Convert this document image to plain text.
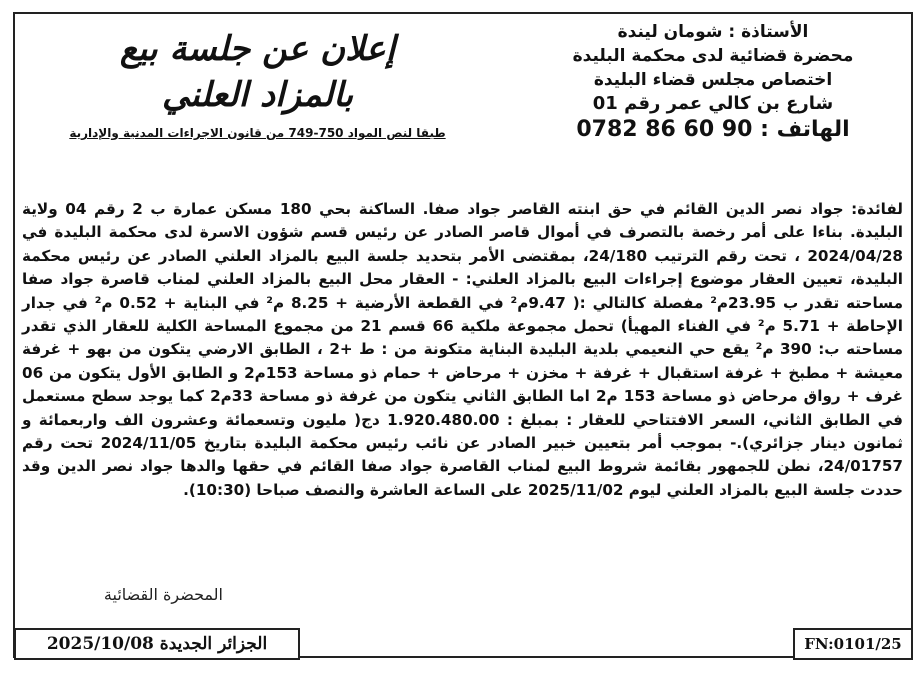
الأستاذة : شومان ليندة
محضرة قضائية لدى محكمة البليدة
اختصاص مجلس قضاء البليدة
شارع بن كالي عمر رقم 01
الهاتف : 90 60 86 0782
إعلان عن جلسة بيع
بالمزاد العلني
طبقا لنص المواد 750-749 من قانون الاجراءات المدنية والإدارية
لفائدة: جواد نصر الدين القائم في حق ابنته القاصر جواد صفا. الساكنة بحي 180 مسكن عمارة ب 2 رقم 04 ولاية البليدة. بناءا على أمر رخصة بالتصرف في أموال قاصر الصادر عن رئيس قسم شؤون الاسرة لدى محكمة البليدة في 2024/04/28 ، تحت رقم الترتيب 24/180، بمقتضى الأمر بتحديد جلسة البيع بالمزاد العلني الصادر عن رئيس محكمة البليدة، تعيين العقار موضوع إجراءات البيع بالمزاد العلني: - العقار محل البيع بالمزاد العلني لمناب قاصرة جواد صفا مساحته تقدر ب 23.95م² مفصلة كالتالي :( 9.47م² في القطعة الأرضية + 8.25 م² في البناية + 0.52 م² في جدار الإحاطة + 5.71 م² في الفناء المهيأ) تحمل مجموعة ملكية 66 قسم 21 من مجموع المساحة الكلية للعقار الذي تقدر مساحته ب: 390 م² يقع حي النعيمي بلدية البليدة البناية متكونة من : ط +2 ، الطابق الارضي يتكون من بهو + غرفة معيشة + مطبخ + غرفة استقبال + غرفة + مخزن + مرحاض + حمام ذو مساحة 153م2 و الطابق الأول يتكون من 06 غرف + رواق مرحاض ذو مساحة 153 م2 اما الطابق الثاني يتكون من غرفة ذو مساحة 33م2 كما يوجد سطح مستعمل في الطابق الثاني، السعر الافتتاحي للعقار : بمبلغ : 1.920.480.00 دج( مليون وتسعمائة وعشرون الف واربعمائة و ثمانون دينار جزائري).- بموجب أمر بتعيين خبير الصادر عن نائب رئيس محكمة البليدة بتاريخ 2024/11/05 تحت رقم 24/01757، نطن للجمهور بقائمة شروط البيع لمناب القاصرة جواد صفا القائم في حقها والدها جواد نصر الدين وقد حددت جلسة البيع بالمزاد العلني ليوم 2025/11/02 على الساعة العاشرة والنصف صباحا (10:30).
المحضرة القضائية
الجزائر الجديدة 2025/10/08	FN:0101/25
